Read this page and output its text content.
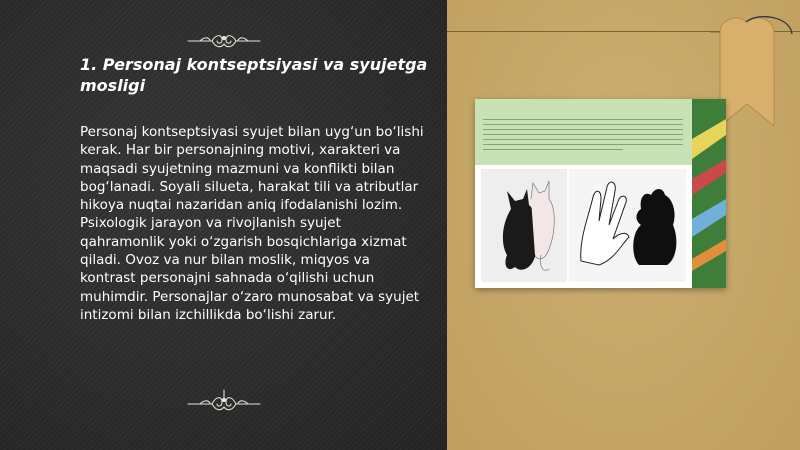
1. Personaj kontseptsiyasi va syujetga mosligi

Personaj kontseptsiyasi syujet bilan uyg‘un bo‘lishi kerak. Har bir personajning motivi, xarakteri va maqsadi syujetning mazmuni va konflikti bilan bog‘lanadi. Soyali silueta, harakat tili va atributlar hikoya nuqtai nazaridan aniq ifodalanishi lozim. Psixologik jarayon va rivojlanish syujet qahramonlik yoki o‘zgarish bosqichlariga xizmat qiladi. Ovoz va nur bilan moslik, miqyos va kontrast personajni sahnada o‘qilishi uchun muhimdir. Personajlar o‘zaro munosabat va syujet intizomi bilan izchillikda bo‘lishi zarur.
